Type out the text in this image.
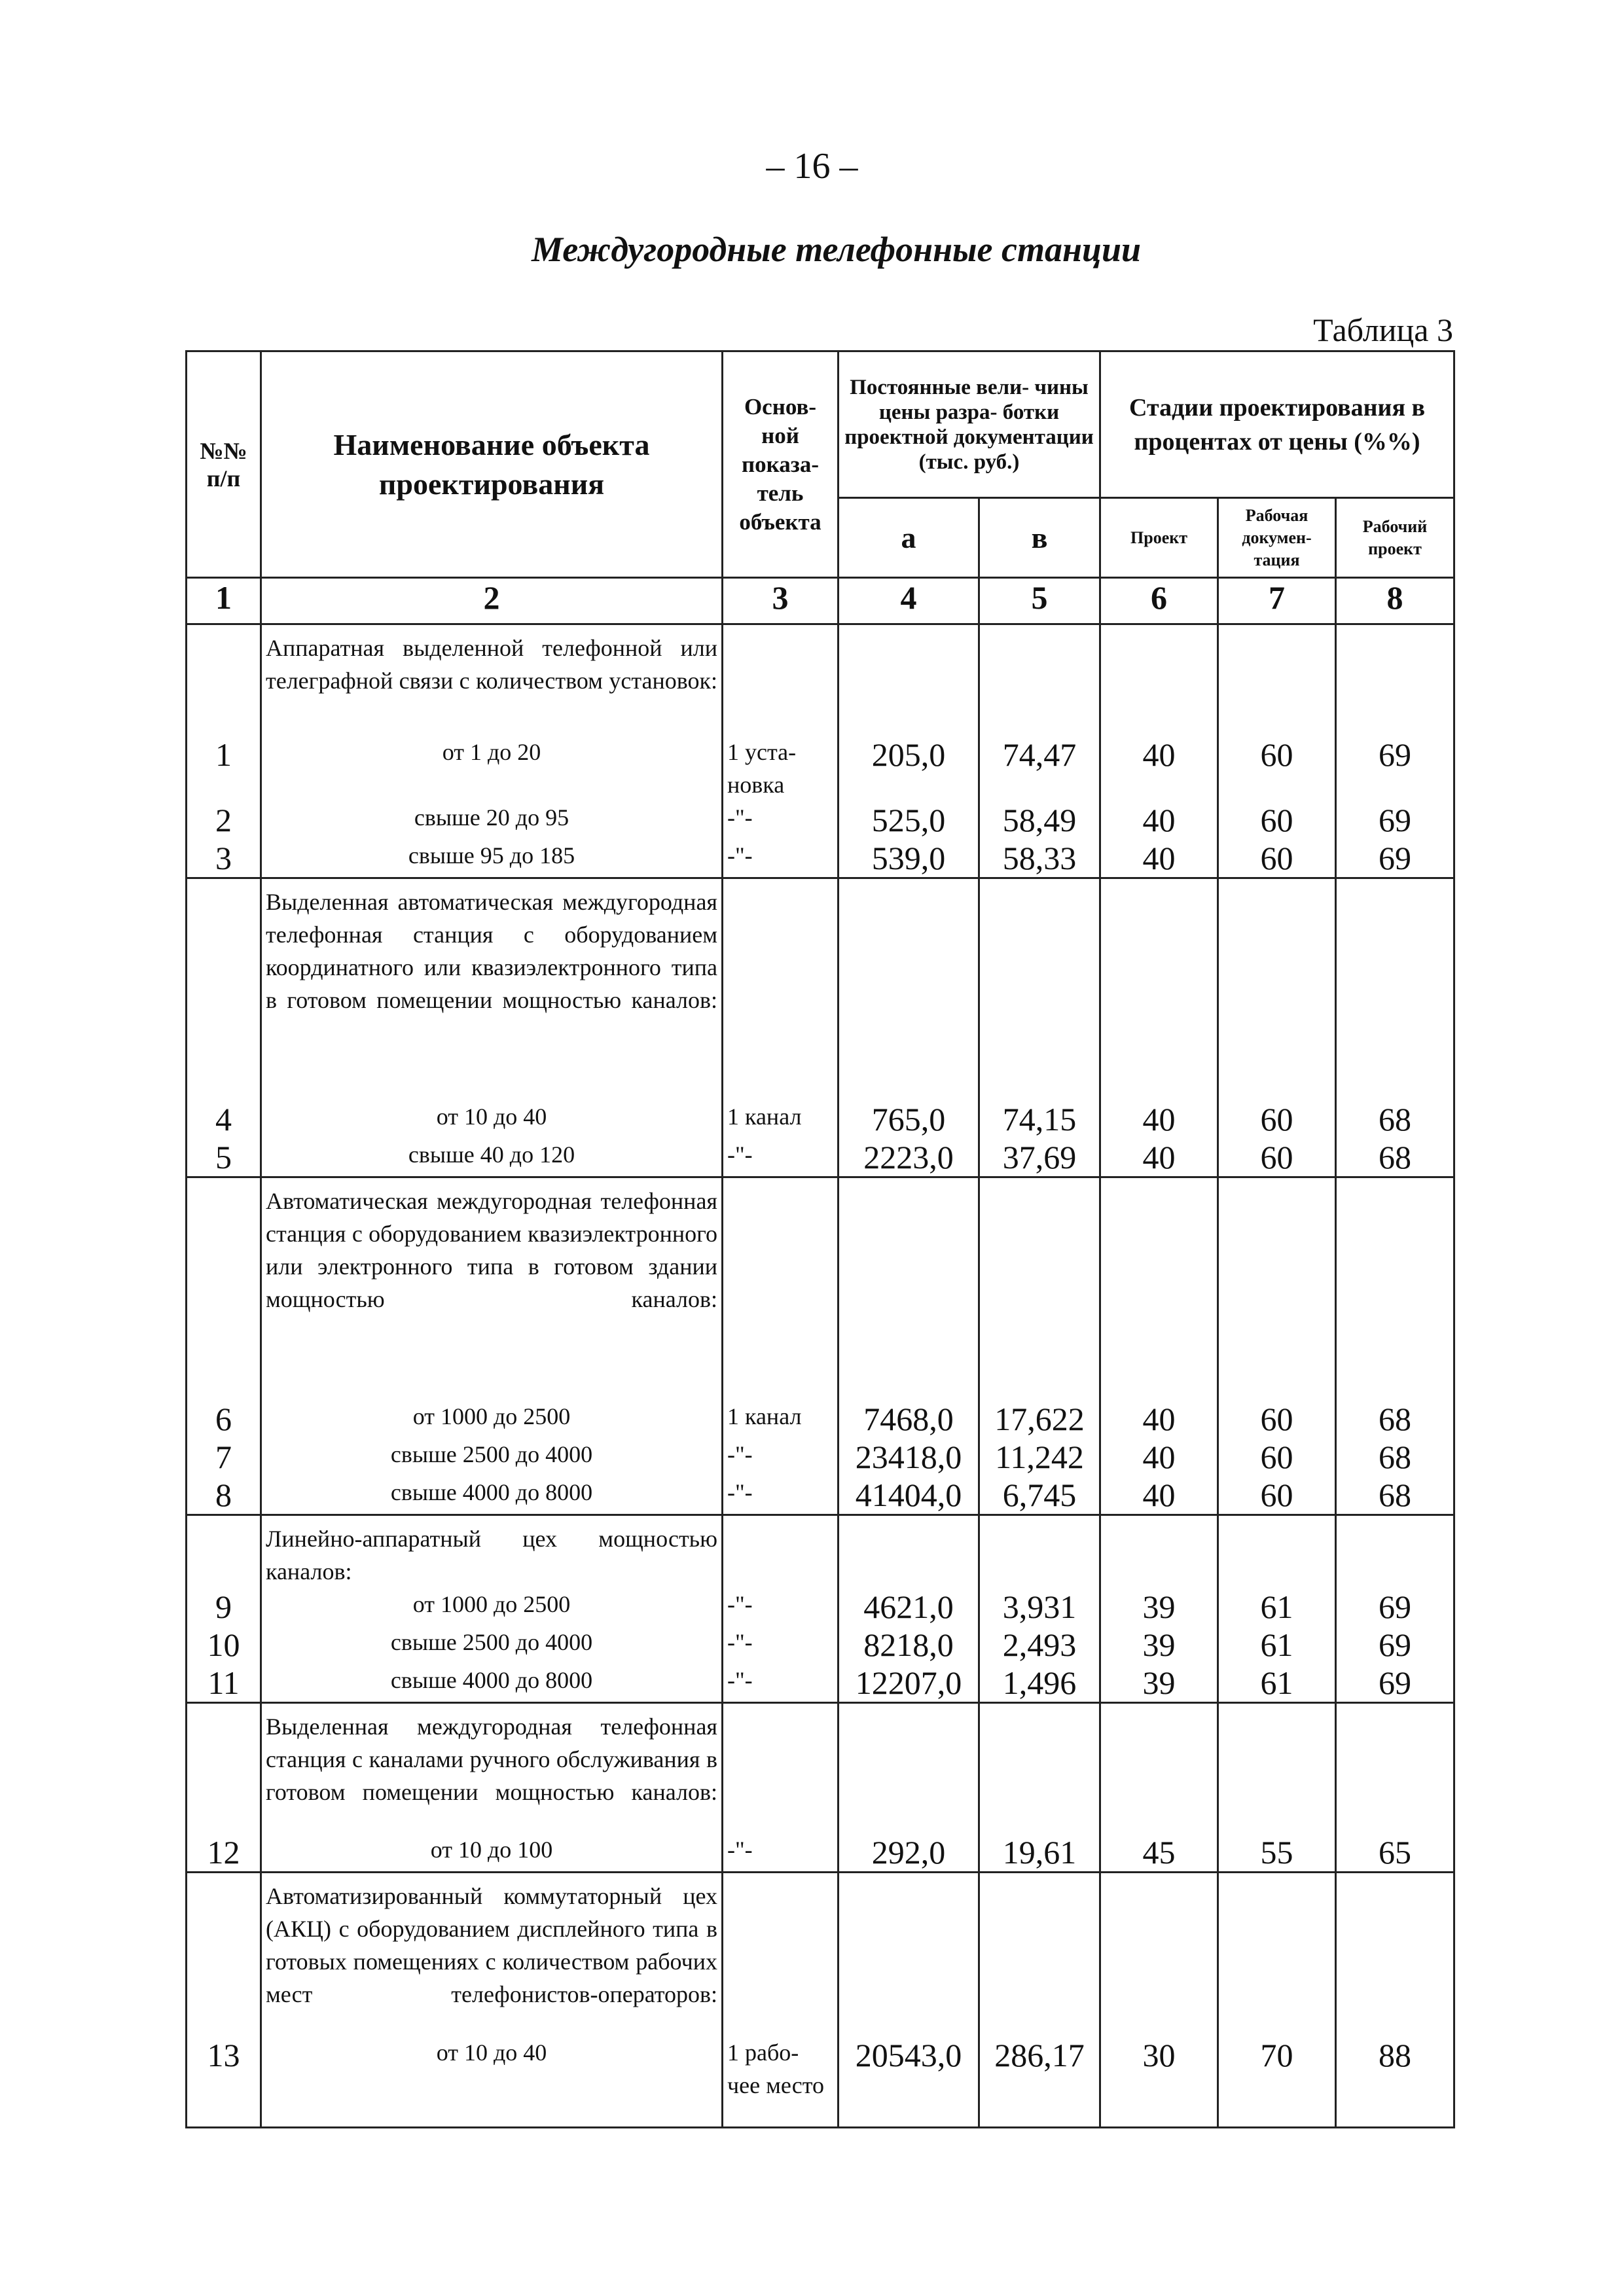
– 16 –
Междугородные телефонные станции
Таблица 3
№№ п/п	Наименование объекта проектирования	Основ- ной показа- тель объекта	Постоянные вели- чины цены разра- ботки проектной документации (тыс. руб.)		Стадии проектирования в процентах от цены (%%)		
			а	в	Проект	Рабочая докумен- тация	Рабочий проект
1	2	3	4	5	6	7	8
	Аппаратная выделенной телефонной или телеграфной связи с количеством установок:						
1	от 1 до 20	1 уста- новка	205,0	74,47	40	60	69
2	свыше 20 до 95	-"-	525,0	58,49	40	60	69
3	свыше 95 до 185	-"-	539,0	58,33	40	60	69
	Выделенная автоматическая междугородная телефонная станция с оборудованием координатного или квазиэлектронного типа в готовом помещении мощностью каналов:						
4	от 10 до 40	1 канал	765,0	74,15	40	60	68
5	свыше 40 до 120	-"-	2223,0	37,69	40	60	68
	Автоматическая междугородная телефонная станция с оборудованием квазиэлектронного или электронного типа в готовом здании мощностью каналов:						
6	от 1000 до 2500	1 канал	7468,0	17,622	40	60	68
7	свыше 2500 до 4000	-"-	23418,0	11,242	40	60	68
8	свыше 4000 до 8000	-"-	41404,0	6,745	40	60	68
	Линейно-аппаратный цех мощностью каналов:						
9	от 1000 до 2500	-"-	4621,0	3,931	39	61	69
10	свыше 2500 до 4000	-"-	8218,0	2,493	39	61	69
11	свыше 4000 до 8000	-"-	12207,0	1,496	39	61	69
	Выделенная междугородная телефонная станция с каналами ручного обслуживания в готовом помещении мощностью каналов:						
12	от 10 до 100	-"-	292,0	19,61	45	55	65
	Автоматизированный коммутаторный цех (АКЦ) с оборудованием дисплейного типа в готовых помещениях с количеством рабочих мест телефонистов-операторов:						
13	от 10 до 40	1 рабо- чее место	20543,0	286,17	30	70	88
